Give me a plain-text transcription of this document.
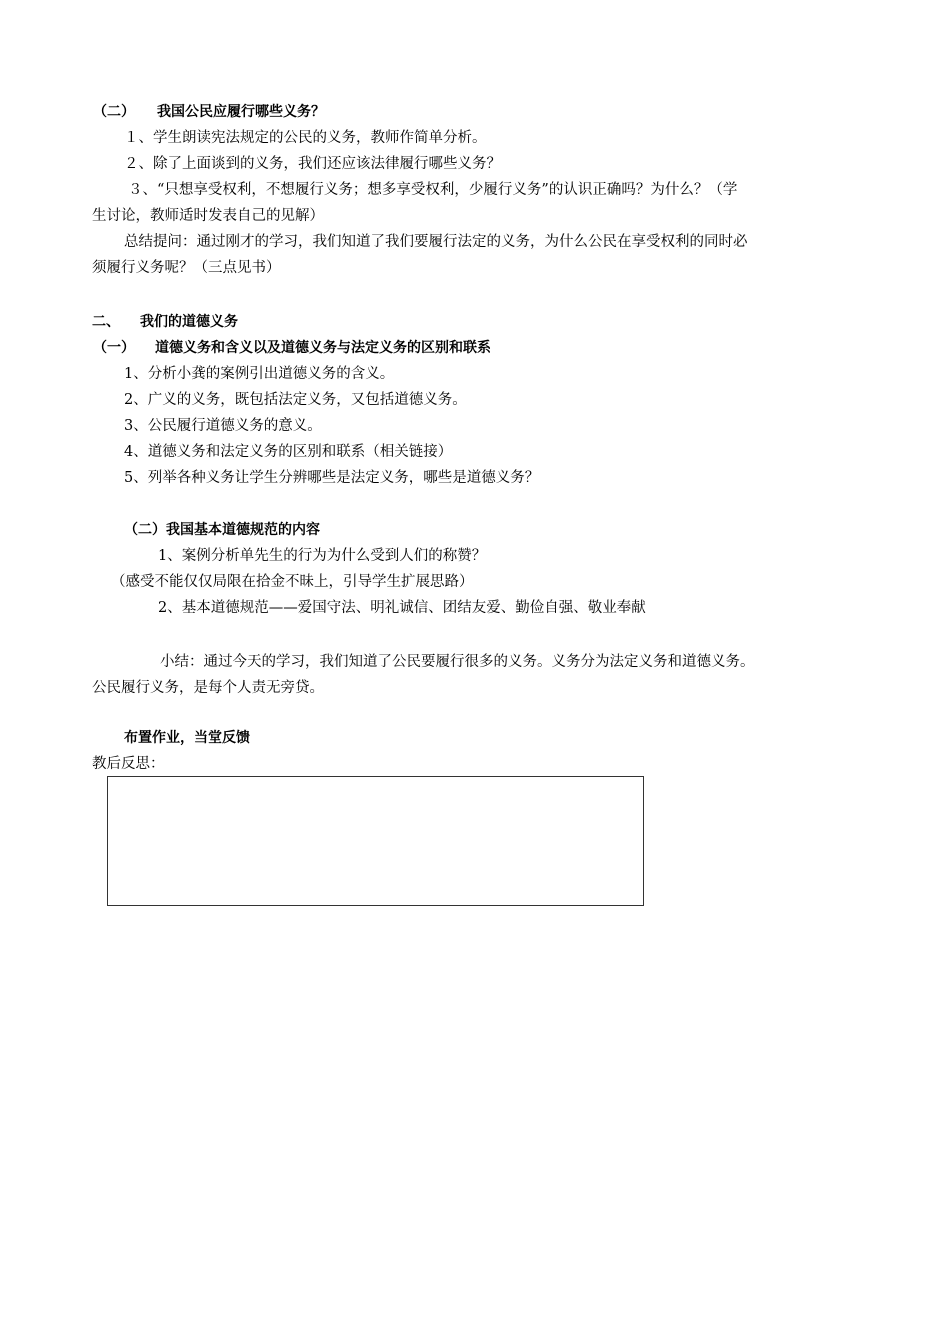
（二） 我国公民应履行哪些义务？
１、学生朗读宪法规定的公民的义务，教师作简单分析。
２、除了上面谈到的义务，我们还应该法律履行哪些义务？
３、“只想享受权利，不想履行义务；想多享受权利，少履行义务”的认识正确吗？为什么？（学
生讨论，教师适时发表自己的见解）
总结提问：通过刚才的学习，我们知道了我们要履行法定的义务，为什么公民在享受权利的同时必
须履行义务呢？（三点见书）
二、 我们的道德义务
（一） 道德义务和含义以及道德义务与法定义务的区别和联系
1、分析小龚的案例引出道德义务的含义。
2、广义的义务，既包括法定义务，又包括道德义务。
3、公民履行道德义务的意义。
4、道德义务和法定义务的区别和联系（相关链接）
5、列举各种义务让学生分辨哪些是法定义务，哪些是道德义务？
（二）我国基本道德规范的内容
1、案例分析单先生的行为为什么受到人们的称赞？
（感受不能仅仅局限在拾金不昧上，引导学生扩展思路）
2、基本道德规范——爱国守法、明礼诚信、团结友爱、勤俭自强、敬业奉献
小结：通过今天的学习，我们知道了公民要履行很多的义务。义务分为法定义务和道德义务。
公民履行义务，是每个人责无旁贷。
布置作业，当堂反馈
教后反思：
